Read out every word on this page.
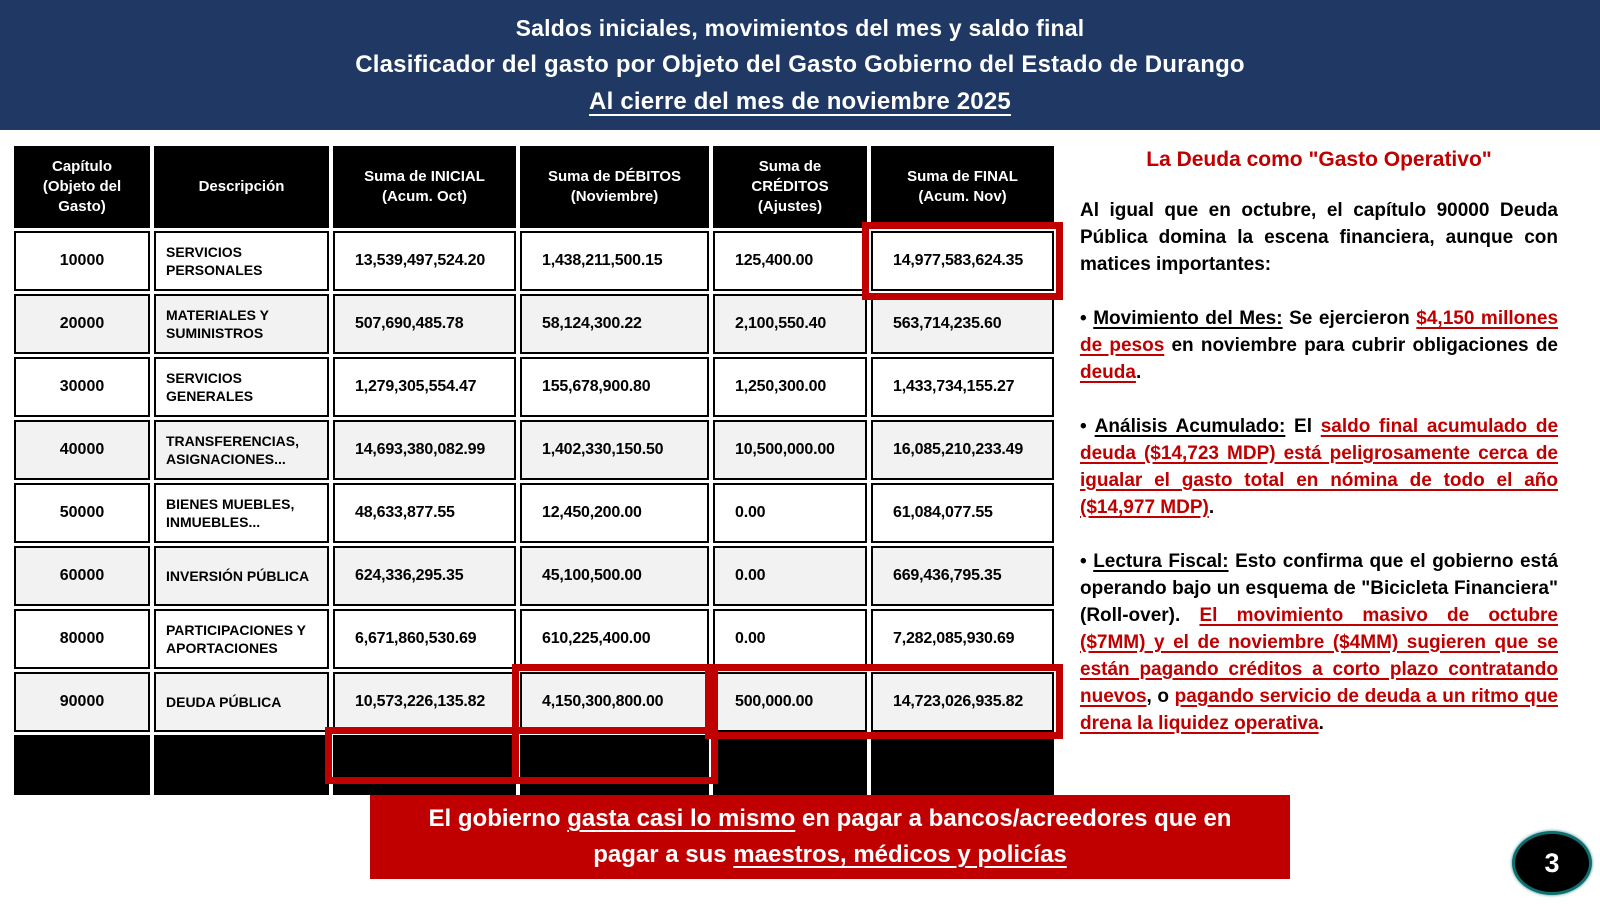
Saldos iniciales, movimientos del mes y saldo final
Clasificador del gasto por Objeto del Gasto Gobierno del Estado de Durango
Al cierre del mes de noviembre 2025
Capítulo (Objeto del Gasto)	Descripción	Suma de INICIAL (Acum. Oct)	Suma de DÉBITOS (Noviembre)	Suma de CRÉDITOS (Ajustes)	Suma de FINAL (Acum. Nov)
10000	SERVICIOS PERSONALES	13,539,497,524.20	1,438,211,500.15	125,400.00	14,977,583,624.35
20000	MATERIALES Y SUMINISTROS	507,690,485.78	58,124,300.22	2,100,550.40	563,714,235.60
30000	SERVICIOS GENERALES	1,279,305,554.47	155,678,900.80	1,250,300.00	1,433,734,155.27
40000	TRANSFERENCIAS, ASIGNACIONES...	14,693,380,082.99	1,402,330,150.50	10,500,000.00	16,085,210,233.49
50000	BIENES MUEBLES, INMUEBLES...	48,633,877.55	12,450,200.00	0.00	61,084,077.55
60000	INVERSIÓN PÚBLICA	624,336,295.35	45,100,500.00	0.00	669,436,795.35
80000	PARTICIPACIONES Y APORTACIONES	6,671,860,530.69	610,225,400.00	0.00	7,282,085,930.69
90000	DEUDA PÚBLICA	10,573,226,135.82	4,150,300,800.00	500,000.00	14,723,026,935.82
TOTAL	TOTAL GENERAL	47,937,930,486.85	7,872,421,751.67	14,476,250.40	55,795,875,988.12
La Deuda como "Gasto Operativo"

Al igual que en octubre, el capítulo 90000 Deuda Pública domina la escena financiera, aunque con matices importantes:

• Movimiento del Mes: Se ejercieron $4,150 millones de pesos en noviembre para cubrir obligaciones de deuda.

• Análisis Acumulado: El saldo final acumulado de deuda ($14,723 MDP) está peligrosamente cerca de igualar el gasto total en nómina de todo el año ($14,977 MDP).

• Lectura Fiscal: Esto confirma que el gobierno está operando bajo un esquema de "Bicicleta Financiera" (Roll-over). El movimiento masivo de octubre ($7MM) y el de noviembre ($4MM) sugieren que se están pagando créditos a corto plazo contratando nuevos, o pagando servicio de deuda a un ritmo que drena la liquidez operativa.

El gobierno gasta casi lo mismo en pagar a bancos/acreedores que en pagar a sus maestros, médicos y policías	3
